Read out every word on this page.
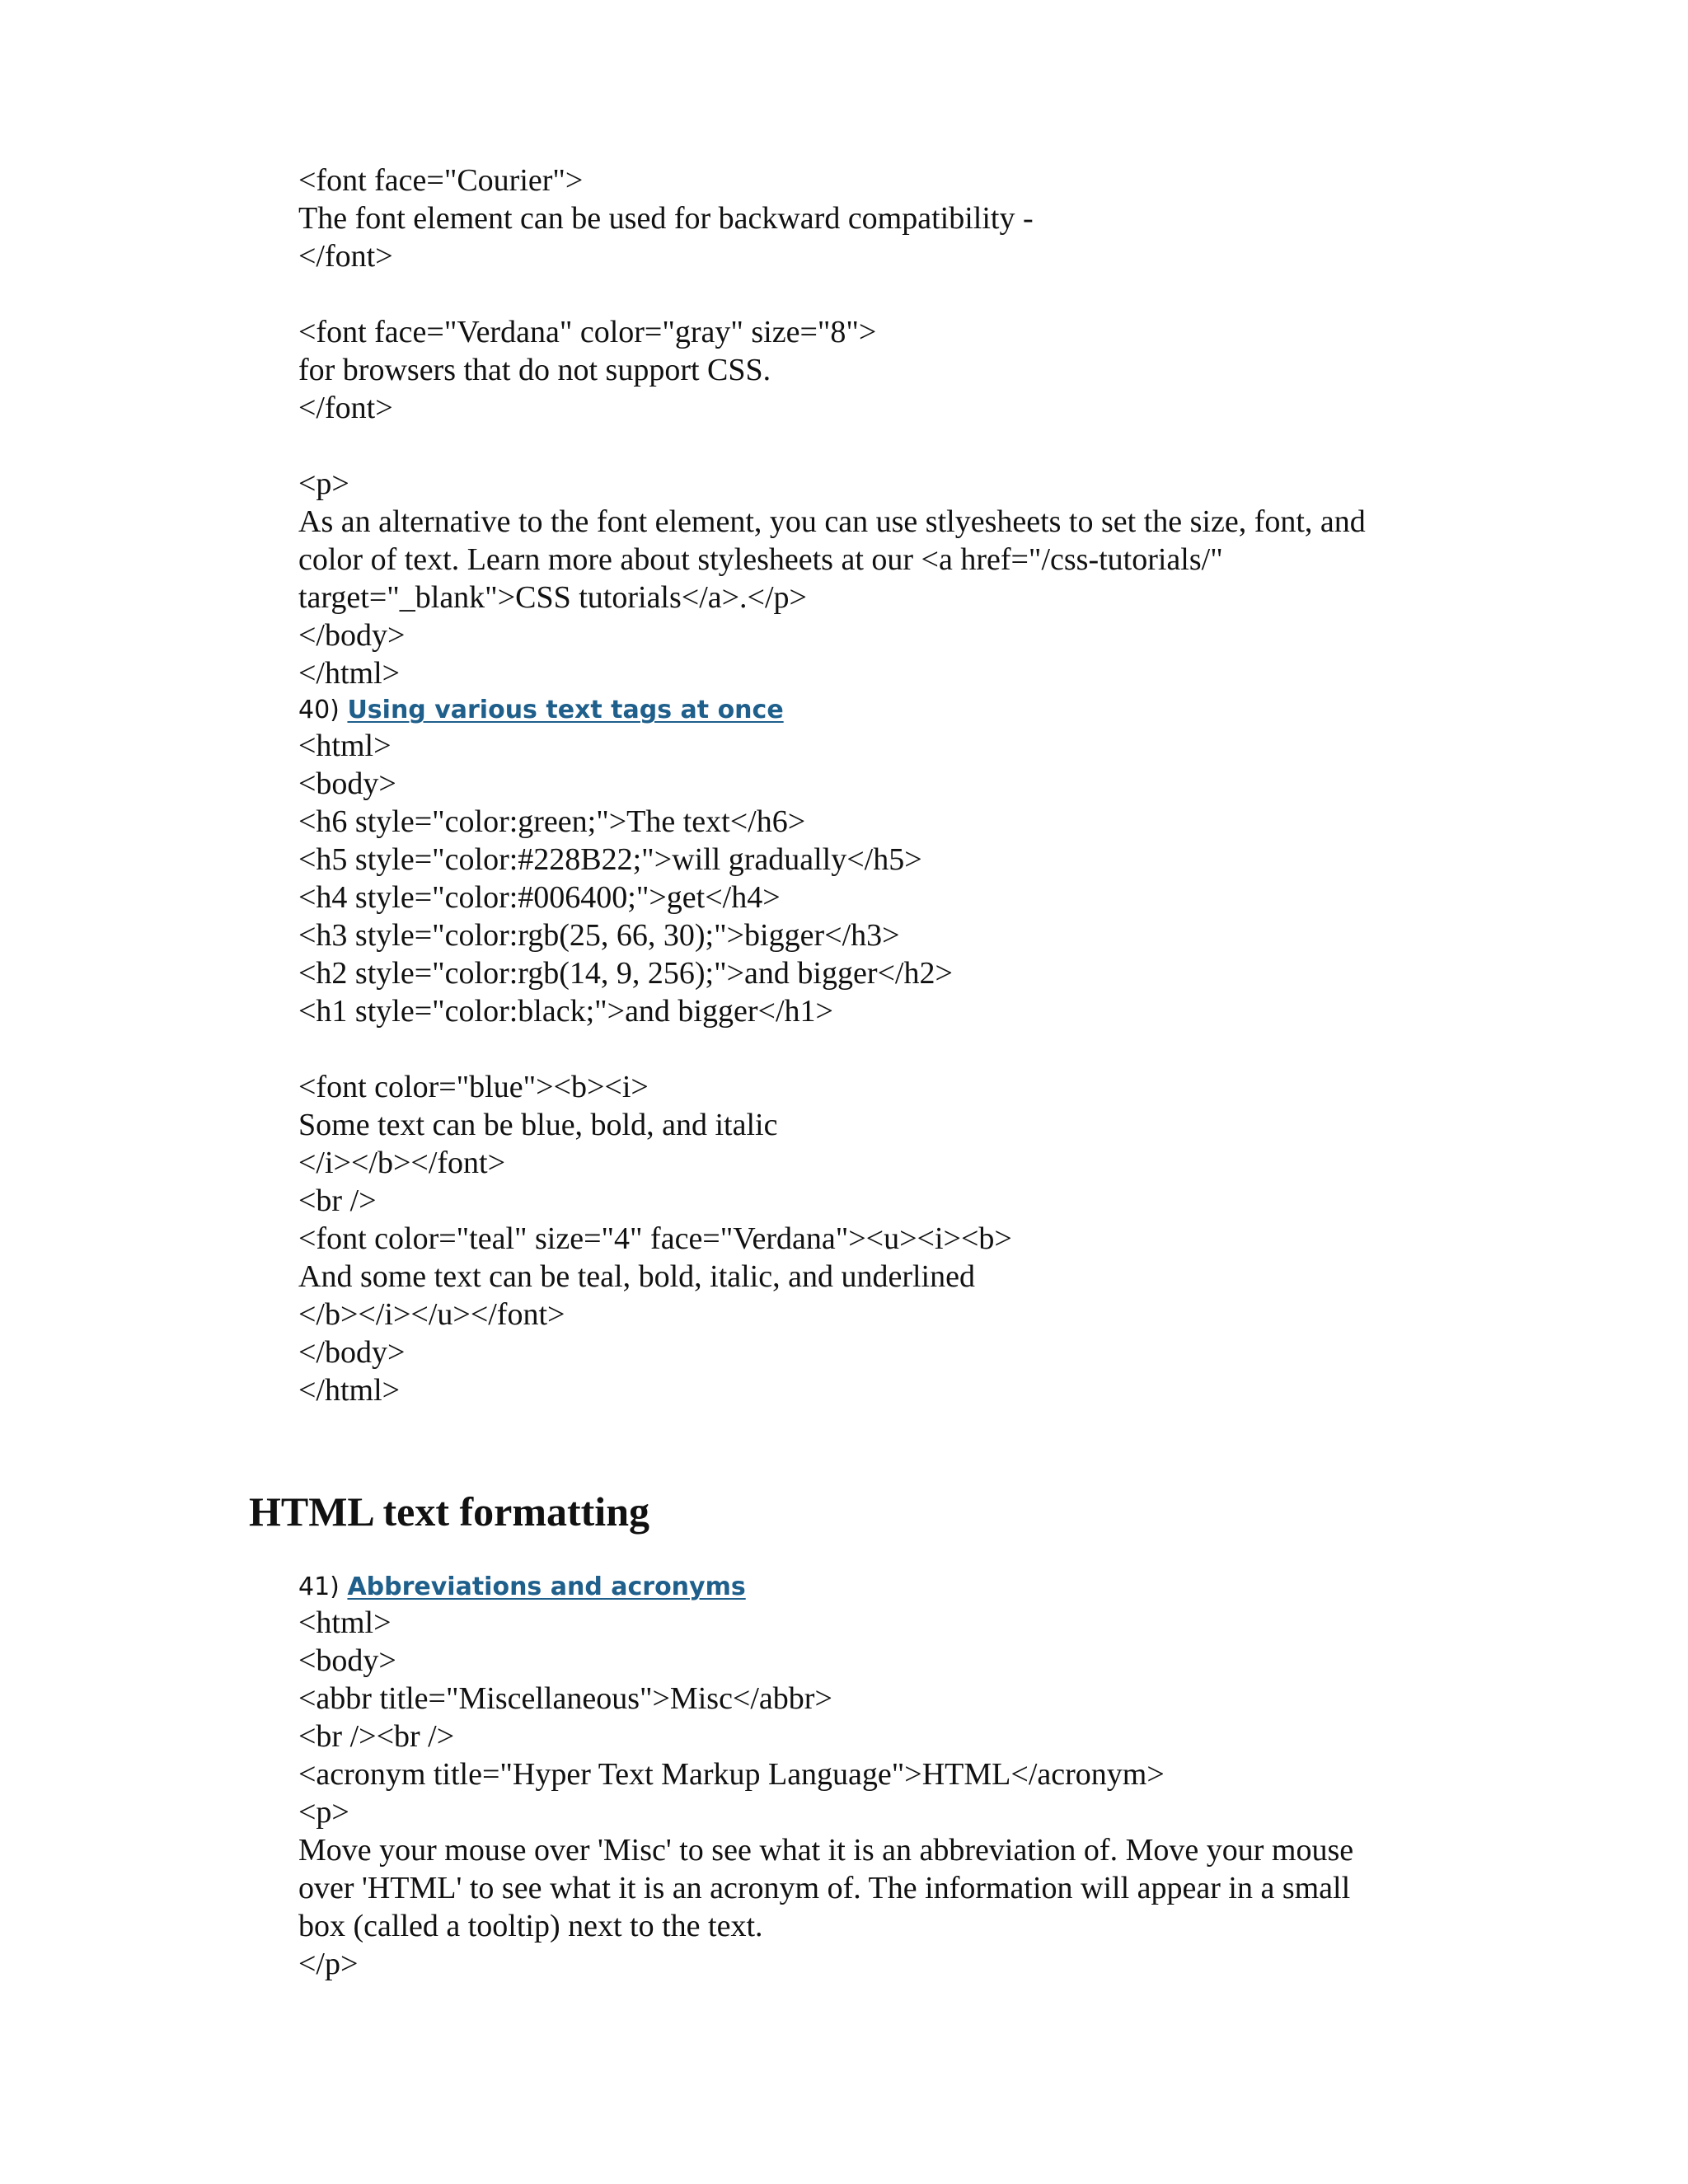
<font face="Courier">
The font element can be used for backward compatibility -
</font>
<font face="Verdana" color="gray" size="8">
for browsers that do not support CSS.
</font>
<p>
As an alternative to the font element, you can use stlyesheets to set the size, font, and
color of text. Learn more about stylesheets at our <a href="/css-tutorials/"
target="_blank">CSS tutorials</a>.</p>
</body>
</html>
40) Using various text tags at once
<html>
<body>
<h6 style="color:green;">The text</h6>
<h5 style="color:#228B22;">will gradually</h5>
<h4 style="color:#006400;">get</h4>
<h3 style="color:rgb(25, 66, 30);">bigger</h3>
<h2 style="color:rgb(14, 9, 256);">and bigger</h2>
<h1 style="color:black;">and bigger</h1>
<font color="blue"><b><i>
Some text can be blue, bold, and italic
</i></b></font>
<br />
<font color="teal" size="4" face="Verdana"><u><i><b>
And some text can be teal, bold, italic, and underlined
</b></i></u></font>
</body>
</html>
HTML text formatting
41) Abbreviations and acronyms
<html>
<body>
<abbr title="Miscellaneous">Misc</abbr>
<br /><br />
<acronym title="Hyper Text Markup Language">HTML</acronym>
<p>
Move your mouse over 'Misc' to see what it is an abbreviation of. Move your mouse
over 'HTML' to see what it is an acronym of. The information will appear in a small
box (called a tooltip) next to the text.
</p>
